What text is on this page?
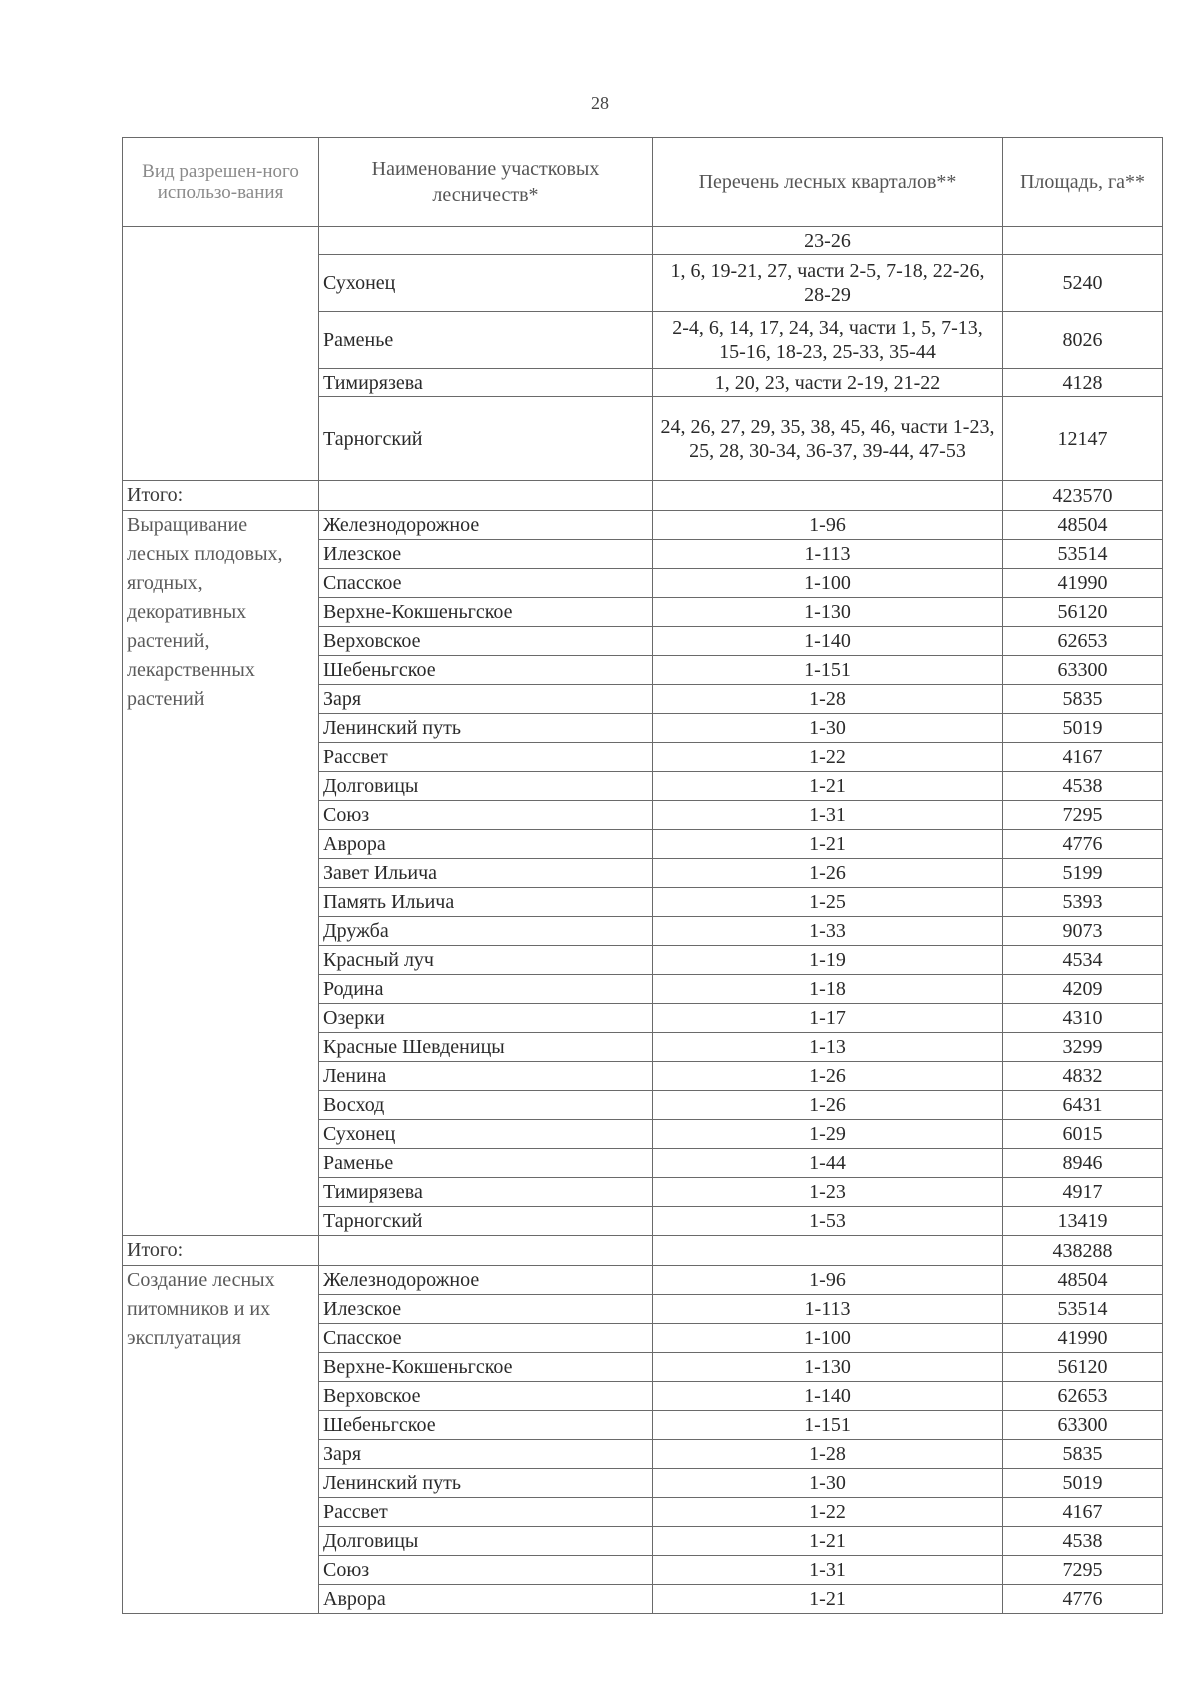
28
Вид разрешен-ного использо-вания	Наименование участковых лесничеств*	Перечень лесных кварталов**	Площадь, га**
		23-26	
	Сухонец	1, 6, 19-21, 27, части 2-5, 7-18, 22-26, 28-29	5240
	Раменье	2-4, 6, 14, 17, 24, 34, части 1, 5, 7-13, 15-16, 18-23, 25-33, 35-44	8026
	Тимирязева	1, 20, 23, части 2-19, 21-22	4128
	Тарногский	24, 26, 27, 29, 35, 38, 45, 46, части 1-23, 25, 28, 30-34, 36-37, 39-44, 47-53	12147
Итого:			423570
Выращивание лесных плодовых, ягодных, декоративных растений, лекарственных растений	Железнодорожное	1-96	48504
	Илезское	1-113	53514
	Спасское	1-100	41990
	Верхне-Кокшеньгское	1-130	56120
	Верховское	1-140	62653
	Шебеньгское	1-151	63300
	Заря	1-28	5835
	Ленинский путь	1-30	5019
	Рассвет	1-22	4167
	Долговицы	1-21	4538
	Союз	1-31	7295
	Аврора	1-21	4776
	Завет Ильича	1-26	5199
	Память Ильича	1-25	5393
	Дружба	1-33	9073
	Красный луч	1-19	4534
	Родина	1-18	4209
	Озерки	1-17	4310
	Красные Шевденицы	1-13	3299
	Ленина	1-26	4832
	Восход	1-26	6431
	Сухонец	1-29	6015
	Раменье	1-44	8946
	Тимирязева	1-23	4917
	Тарногский	1-53	13419
Итого:			438288
Создание лесных питомников и их эксплуатация	Железнодорожное	1-96	48504
	Илезское	1-113	53514
	Спасское	1-100	41990
	Верхне-Кокшеньгское	1-130	56120
	Верховское	1-140	62653
	Шебеньгское	1-151	63300
	Заря	1-28	5835
	Ленинский путь	1-30	5019
	Рассвет	1-22	4167
	Долговицы	1-21	4538
	Союз	1-31	7295
	Аврора	1-21	4776
